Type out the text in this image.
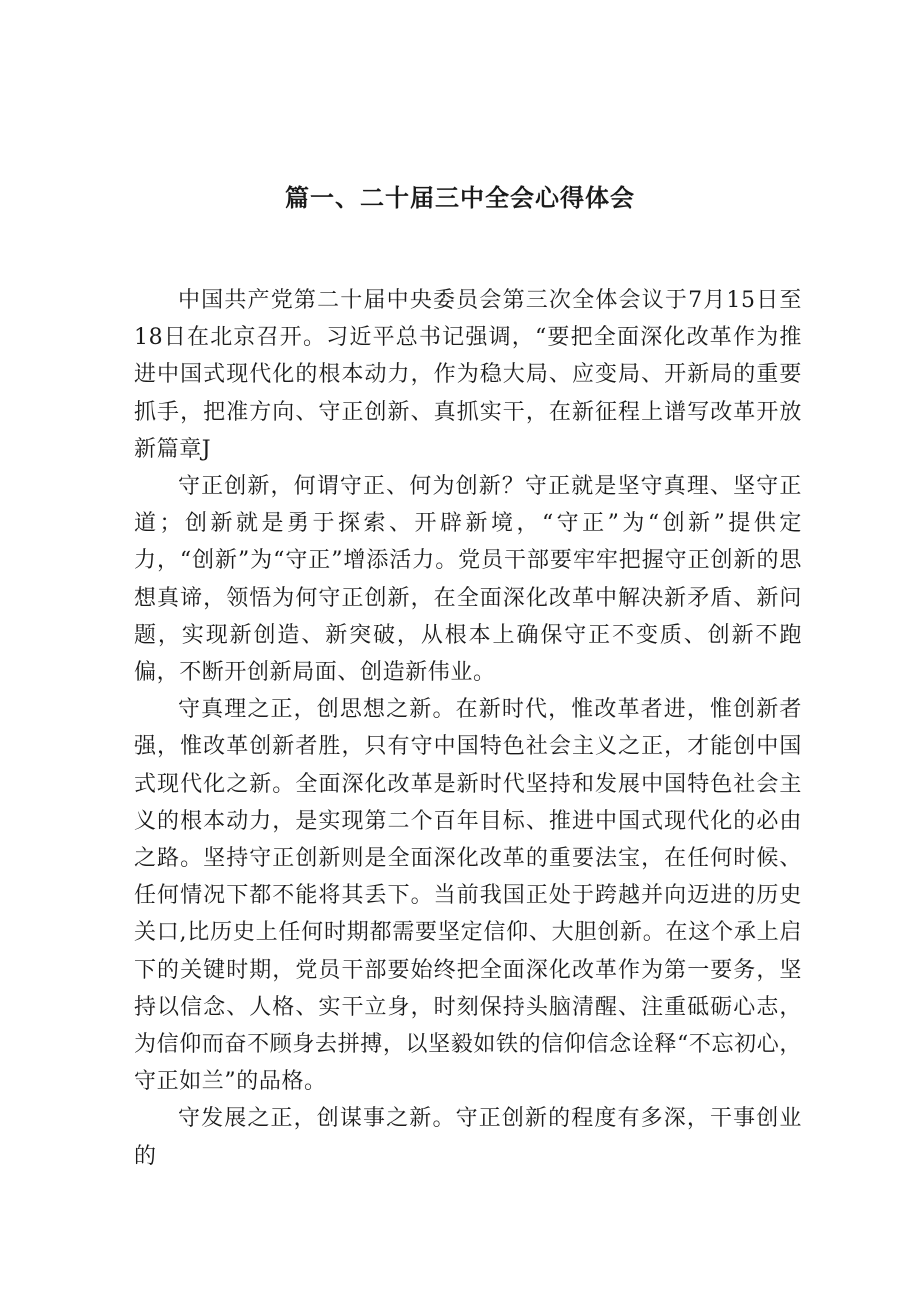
篇一、二十届三中全会心得体会

中国共产党第二十届中央委员会第三次全体会议于7月15日至18日在北京召开。习近平总书记强调，“要把全面深化改革作为推进中国式现代化的根本动力，作为稳大局、应变局、开新局的重要抓手，把准方向、守正创新、真抓实干，在新征程上谱写改革开放新篇章J

守正创新，何谓守正、何为创新？守正就是坚守真理、坚守正道；创新就是勇于探索、开辟新境，“守正”为“创新”提供定力，“创新”为“守正”增添活力。党员干部要牢牢把握守正创新的思想真谛，领悟为何守正创新，在全面深化改革中解决新矛盾、新问题，实现新创造、新突破，从根本上确保守正不变质、创新不跑偏，不断开创新局面、创造新伟业。

守真理之正，创思想之新。在新时代，惟改革者进，惟创新者强，惟改革创新者胜，只有守中国特色社会主义之正，才能创中国式现代化之新。全面深化改革是新时代坚持和发展中国特色社会主义的根本动力，是实现第二个百年目标、推进中国式现代化的必由之路。坚持守正创新则是全面深化改革的重要法宝，在任何时候、任何情况下都不能将其丢下。当前我国正处于跨越并向迈进的历史关口,比历史上任何时期都需要坚定信仰、大胆创新。在这个承上启下的关键时期，党员干部要始终把全面深化改革作为第一要务，坚持以信念、人格、实干立身，时刻保持头脑清醒、注重砥砺心志，为信仰而奋不顾身去拼搏，以坚毅如铁的信仰信念诠释“不忘初心，守正如兰”的品格。

守发展之正，创谋事之新。守正创新的程度有多深，干事创业的
